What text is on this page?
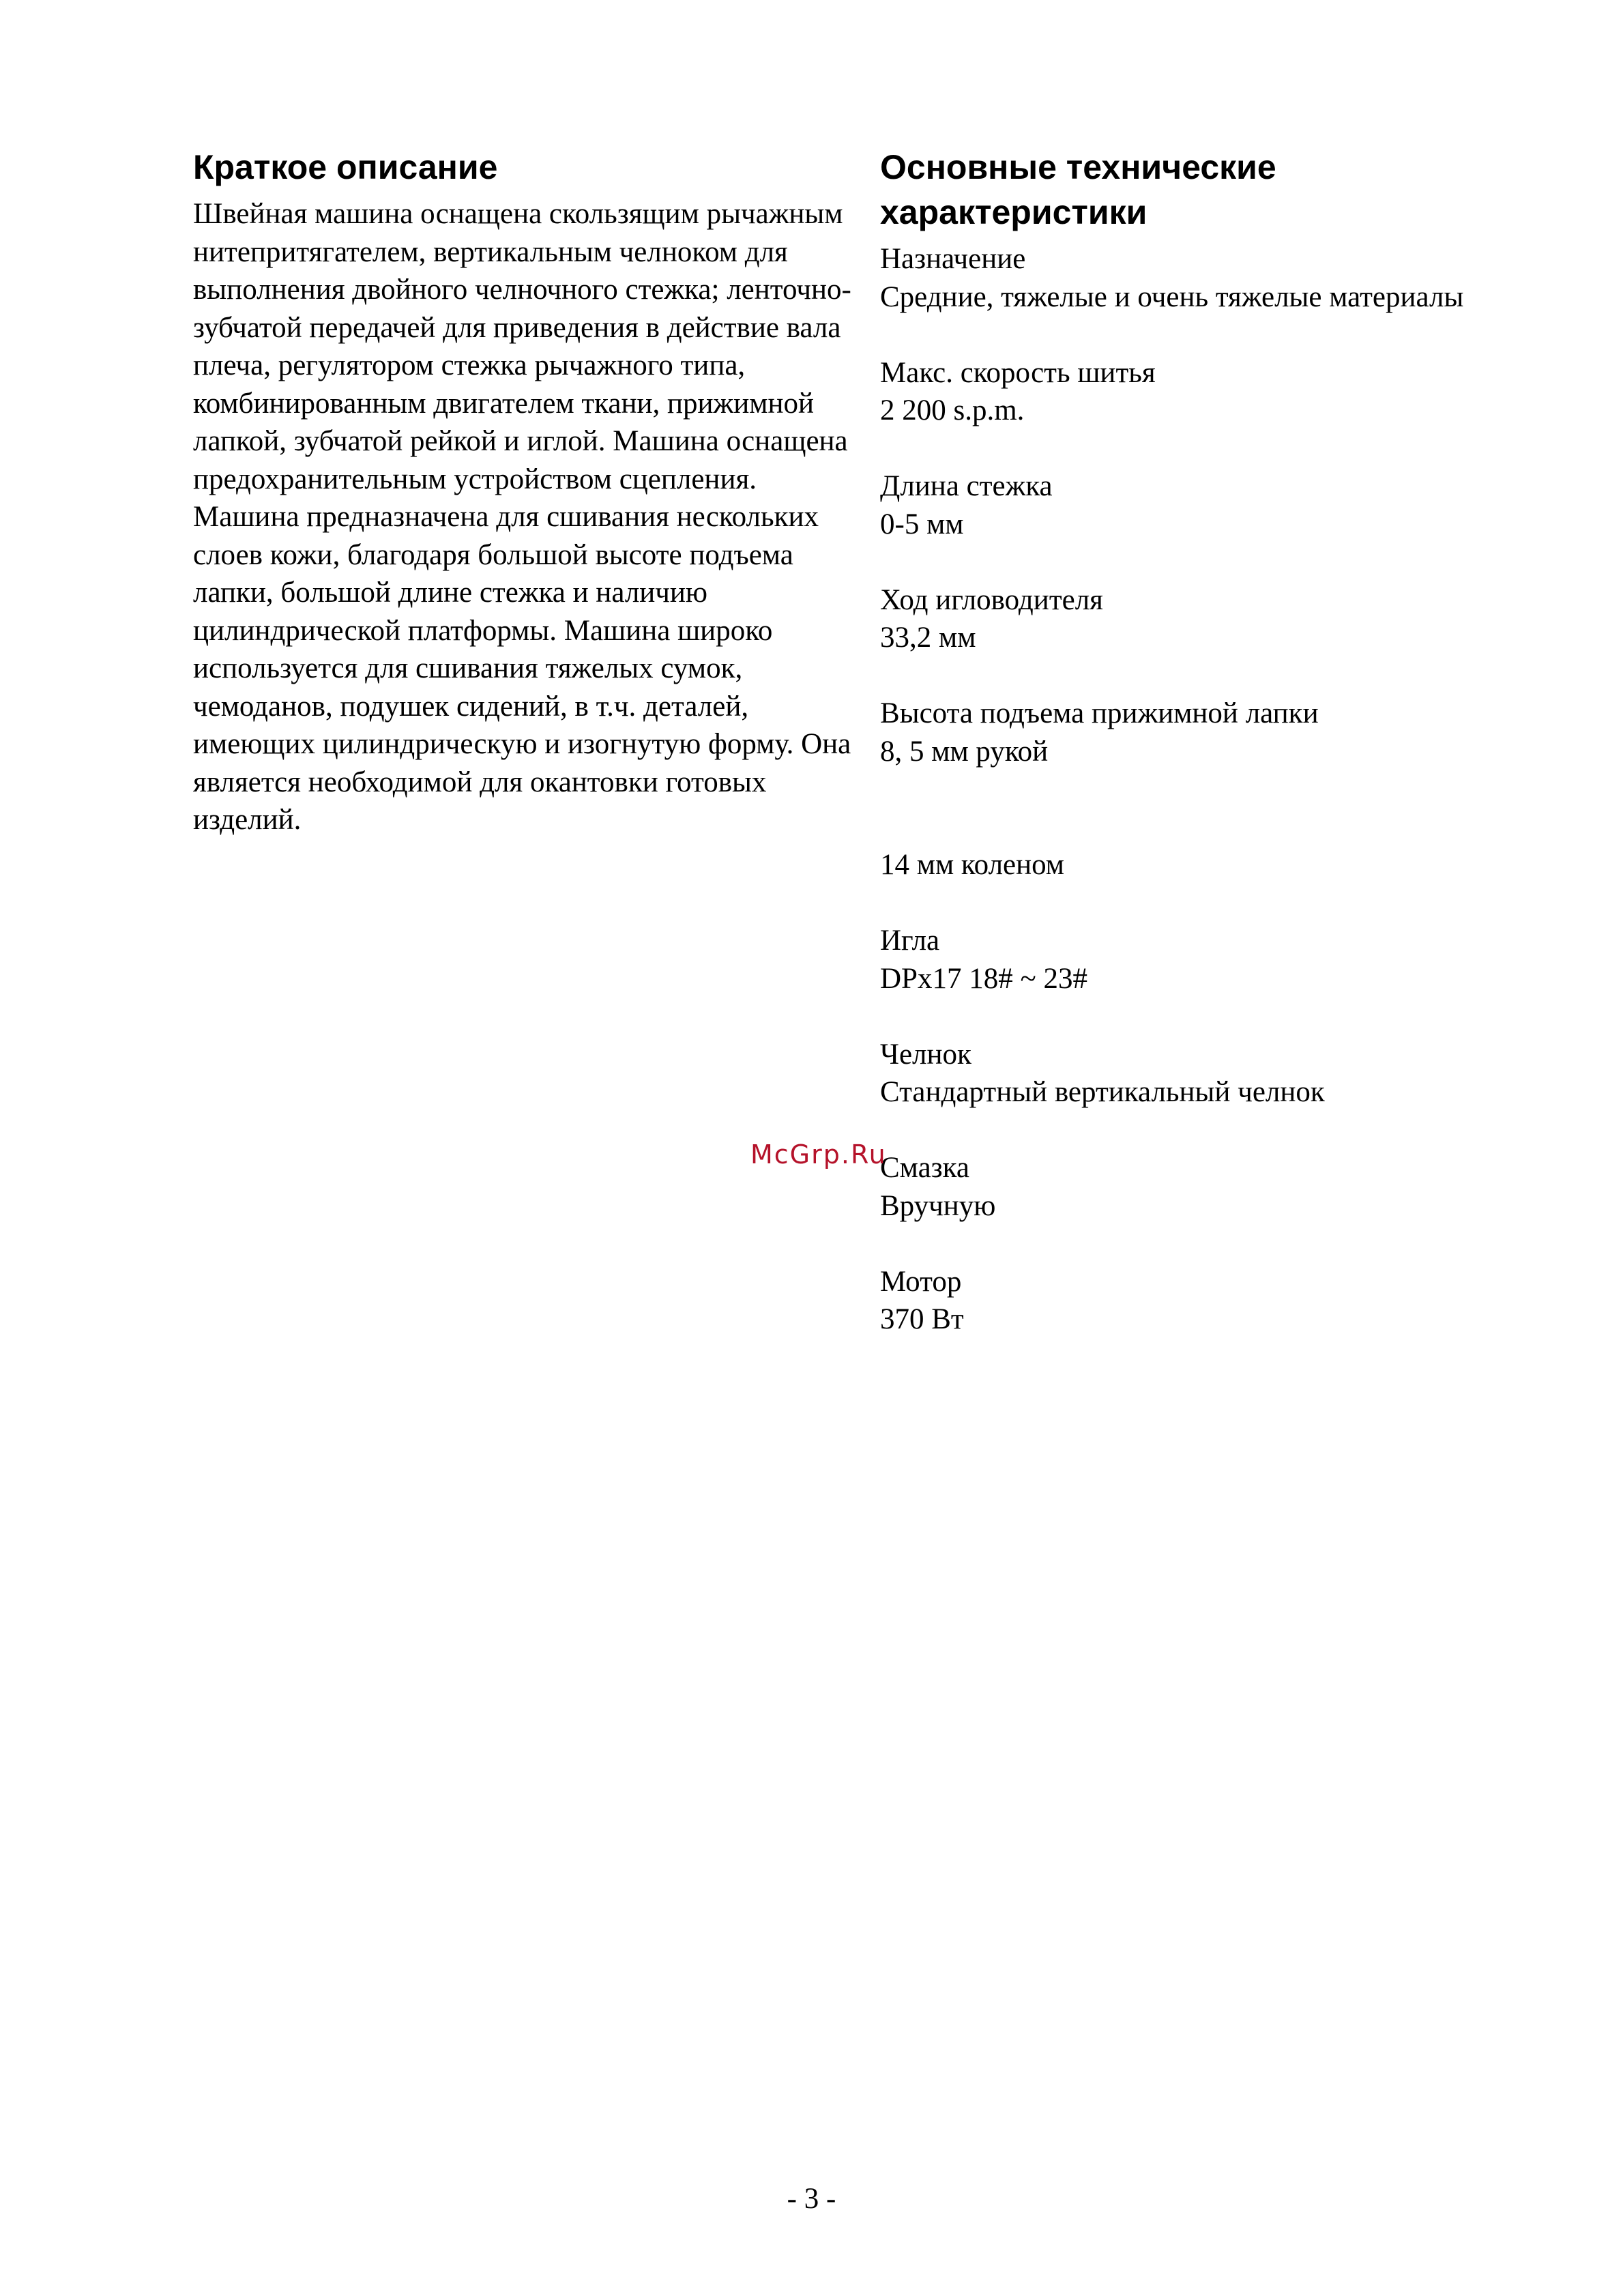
Краткое описание

Швейная машина оснащена скользящим рычажным нитепритягателем, вертикальным челноком для выполнения двойного челночного стежка; ленточно-зубчатой передачей для приведения в действие вала плеча, регулятором стежка рычажного типа, комбинированным двигателем ткани, прижимной лапкой, зубчатой рейкой и иглой. Машина оснащена предохранительным устройством сцепления. Машина предназначена для сшивания нескольких слоев кожи, благодаря большой высоте подъема лапки, большой длине стежка и наличию цилиндрической платформы. Машина широко используется для сшивания тяжелых сумок, чемоданов, подушек сидений, в т.ч. деталей, имеющих цилиндрическую и изогнутую форму. Она является необходимой для окантовки готовых изделий.

Основные технические характеристики
Назначение
Средние, тяжелые и очень тяжелые материалы
Макс. скорость шитья
2 200 s.p.m.
Длина стежка
0-5 мм
Ход игловодителя
33,2 мм
Высота подъема прижимной лапки
8, 5 мм рукой
14 мм коленом
Игла
DPx17 18# ~ 23#
Челнок
Стандартный вертикальный челнок
Смазка
Вручную
Мотор
370 Вт
McGrp.Ru
- 3 -
